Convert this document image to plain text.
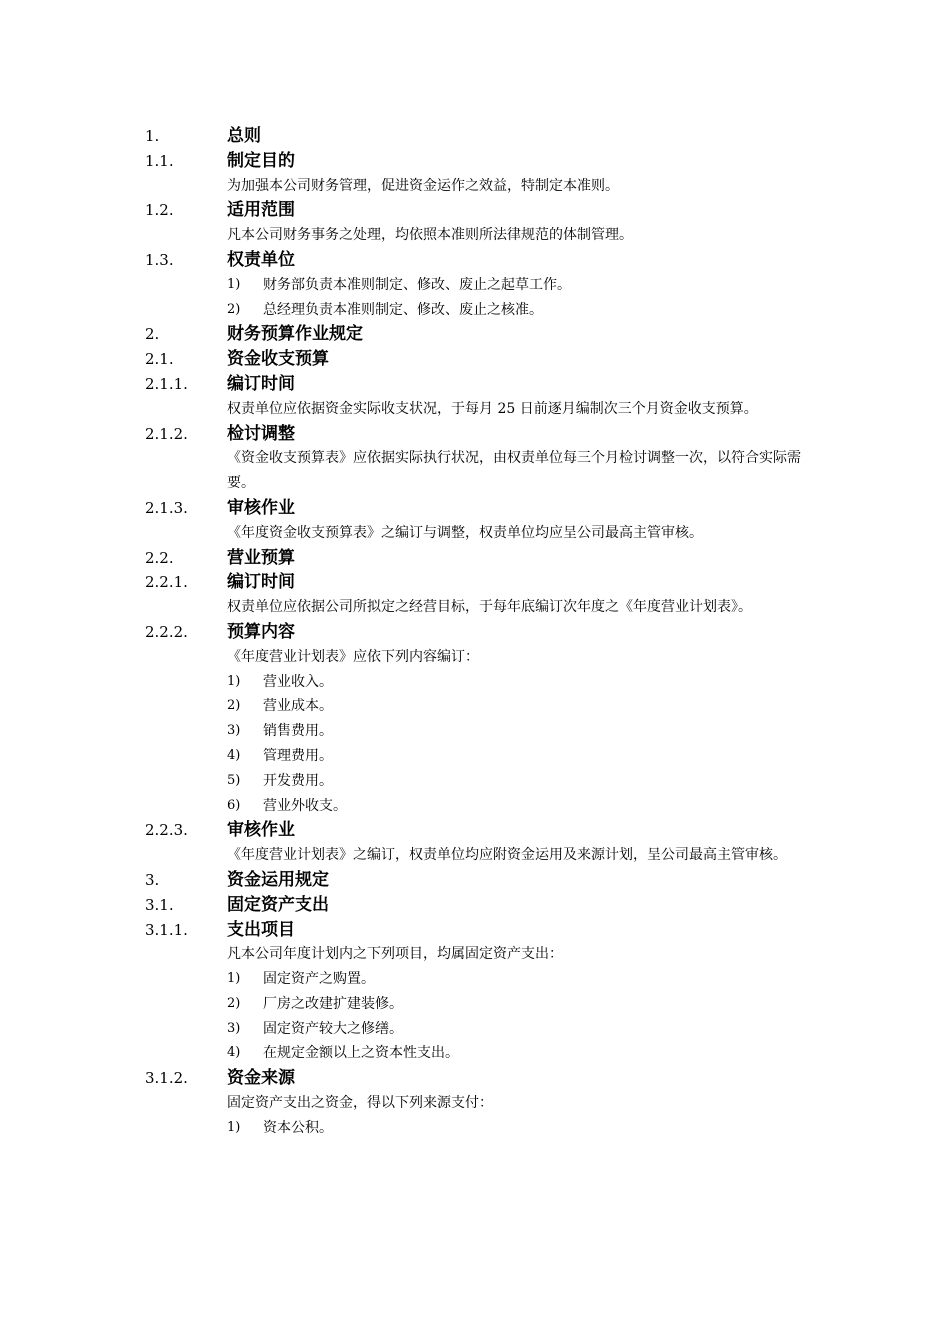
1.	总则
1.1.	制定目的
为加强本公司财务管理，促进资金运作之效益，特制定本准则。
1.2.	适用范围
凡本公司财务事务之处理，均依照本准则所法律规范的体制管理。
1.3.	权责单位
1)	财务部负责本准则制定、修改、废止之起草工作。
2)	总经理负责本准则制定、修改、废止之核准。
2.	财务预算作业规定
2.1.	资金收支预算
2.1.1.	编订时间
权责单位应依据资金实际收支状况，于每月 25 日前逐月编制次三个月资金收支预算。
2.1.2.	检讨调整
《资金收支预算表》应依据实际执行状况，由权责单位每三个月检讨调整一次，以符合实际需要。
2.1.3.	审核作业
《年度资金收支预算表》之编订与调整，权责单位均应呈公司最高主管审核。
2.2.	营业预算
2.2.1.	编订时间
权责单位应依据公司所拟定之经营目标，于每年底编订次年度之《年度营业计划表》。
2.2.2.	预算内容
《年度营业计划表》应依下列内容编订：
1)	营业收入。
2)	营业成本。
3)	销售费用。
4)	管理费用。
5)	开发费用。
6)	营业外收支。
2.2.3.	审核作业
《年度营业计划表》之编订，权责单位均应附资金运用及来源计划，呈公司最高主管审核。
3.	资金运用规定
3.1.	固定资产支出
3.1.1.	支出项目
凡本公司年度计划内之下列项目，均属固定资产支出：
1)	固定资产之购置。
2)	厂房之改建扩建装修。
3)	固定资产较大之修缮。
4)	在规定金额以上之资本性支出。
3.1.2.	资金来源
固定资产支出之资金，得以下列来源支付：
1)	资本公积。
